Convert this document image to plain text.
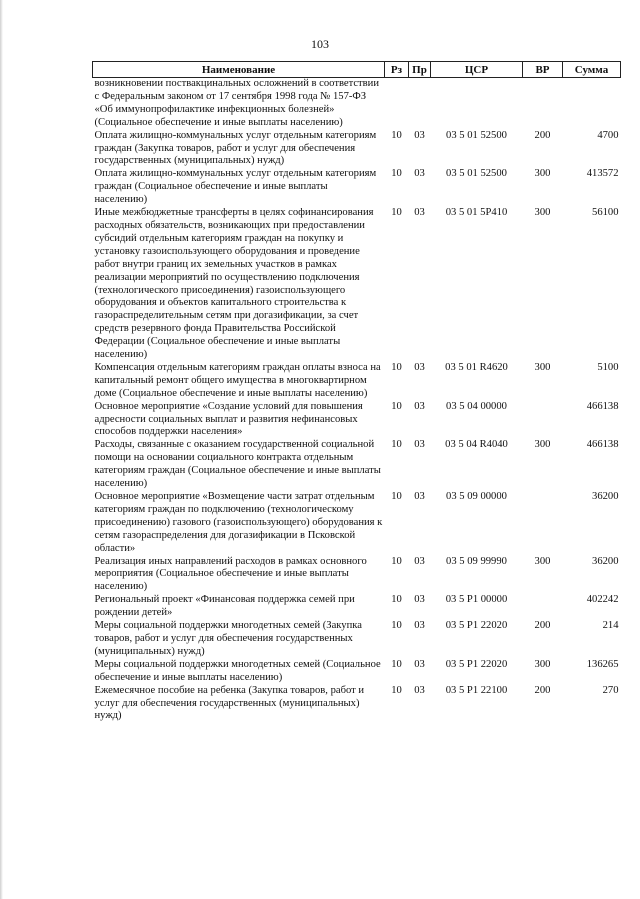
103
Наименование	Рз	Пр	ЦСР	ВР	Сумма
возникновении поствакцинальных осложнений в соответствии с Федеральным законом от 17 сентября 1998 года № 157-ФЗ «Об иммунопрофилактике инфекционных болезней» (Социальное обеспечение и иные выплаты населению)					
Оплата жилищно-коммунальных услуг отдельным категориям граждан (Закупка товаров, работ и услуг для обеспечения государственных (муниципальных) нужд)	10	03	03 5 01 52500	200	4700
Оплата жилищно-коммунальных услуг отдельным категориям граждан (Социальное обеспечение и иные выплаты населению)	10	03	03 5 01 52500	300	413572
Иные межбюджетные трансферты в целях софинансирования расходных обязательств, возникающих при предоставлении субсидий отдельным категориям граждан на покупку и установку газоиспользующего оборудования и проведение работ внутри границ их земельных участков в рамках реализации мероприятий по осуществлению подключения (технологического присоединения) газоиспользующего оборудования и объектов капитального строительства к газораспределительным сетям при догазификации, за счет средств резервного фонда Правительства Российской Федерации (Социальное обеспечение и иные выплаты населению)	10	03	03 5 01 5Р410	300	56100
Компенсация отдельным категориям граждан оплаты взноса на капитальный ремонт общего имущества в многоквартирном доме (Социальное обеспечение и иные выплаты населению)	10	03	03 5 01 R4620	300	5100
Основное мероприятие «Создание условий для повышения адресности социальных выплат и развития нефинансовых способов поддержки населения»	10	03	03 5 04 00000		466138
Расходы, связанные с оказанием государственной социальной помощи на основании социального контракта отдельным категориям граждан (Социальное обеспечение и иные выплаты населению)	10	03	03 5 04 R4040	300	466138
Основное мероприятие «Возмещение части затрат отдельным категориям граждан по подключению (технологическому присоединению) газового (газоиспользующего) оборудования к сетям газораспределения для догазификации в Псковской области»	10	03	03 5 09 00000		36200
Реализация иных направлений расходов в рамках основного мероприятия (Социальное обеспечение и иные выплаты населению)	10	03	03 5 09 99990	300	36200
Региональный проект «Финансовая поддержка семей при рождении детей»	10	03	03 5 Р1 00000		402242
Меры социальной поддержки многодетных семей (Закупка товаров, работ и услуг для обеспечения государственных (муниципальных) нужд)	10	03	03 5 Р1 22020	200	214
Меры социальной поддержки многодетных семей (Социальное обеспечение и иные выплаты населению)	10	03	03 5 Р1 22020	300	136265
Ежемесячное пособие на ребенка (Закупка товаров, работ и услуг для обеспечения государственных (муниципальных) нужд)	10	03	03 5 Р1 22100	200	270
